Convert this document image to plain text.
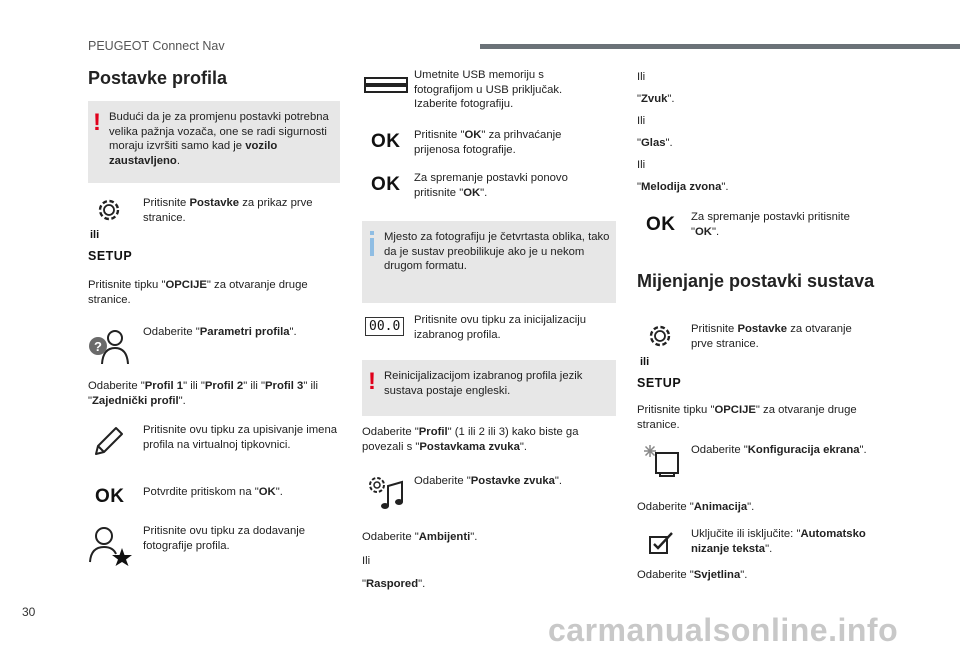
PEUGEOT Connect Nav
Postavke profila
! Budući da je za promjenu postavki potrebna velika pažnja vozača, one se radi sigurnosti moraju izvršiti samo kad je vozilo zaustavljeno.
ili
SETUP
Pritisnite Postavke za prikaz prve stranice.
Pritisnite tipku "OPCIJE" za otvaranje druge stranice.
?
Odaberite "Parametri profila".
Odaberite "Profil 1" ili "Profil 2" ili "Profil 3" ili "Zajednički profil".
Pritisnite ovu tipku za upisivanje imena profila na virtualnoj tipkovnici.
OK Potvrdite pritiskom na "OK".
Pritisnite ovu tipku za dodavanje fotografije profila.
Umetnite USB memoriju s fotografijom u USB priključak. Izaberite fotografiju.
OK Pritisnite "OK" za prihvaćanje prijenosa fotografije.
OK Za spremanje postavki ponovo pritisnite "OK".
Mjesto za fotografiju je četvrtasta oblika, tako da je sustav preobilikuje ako je u nekom drugom formatu.
00.0	Pritisnite ovu tipku za inicijalizaciju izabranog profila.
! Reinicijalizacijom izabranog profila jezik sustava postaje engleski.
Odaberite "Profil" (1 ili 2 ili 3) kako biste ga povezali s "Postavkama zvuka".
Odaberite "Postavke zvuka".
Odaberite "Ambijenti".
Ili
"Raspored".
Ili
"Zvuk".
Ili
"Glas".
Ili
"Melodija zvona".
OK Za spremanje postavki pritisnite "OK".
Mijenjanje postavki sustava
ili
SETUP
Pritisnite Postavke za otvaranje prve stranice.
Pritisnite tipku "OPCIJE" za otvaranje druge stranice.
Odaberite "Konfiguracija ekrana".
Odaberite "Animacija".
Uključite ili isključite: "Automatsko nizanje teksta".
Odaberite "Svjetlina".
30	carmanualsonline.info
